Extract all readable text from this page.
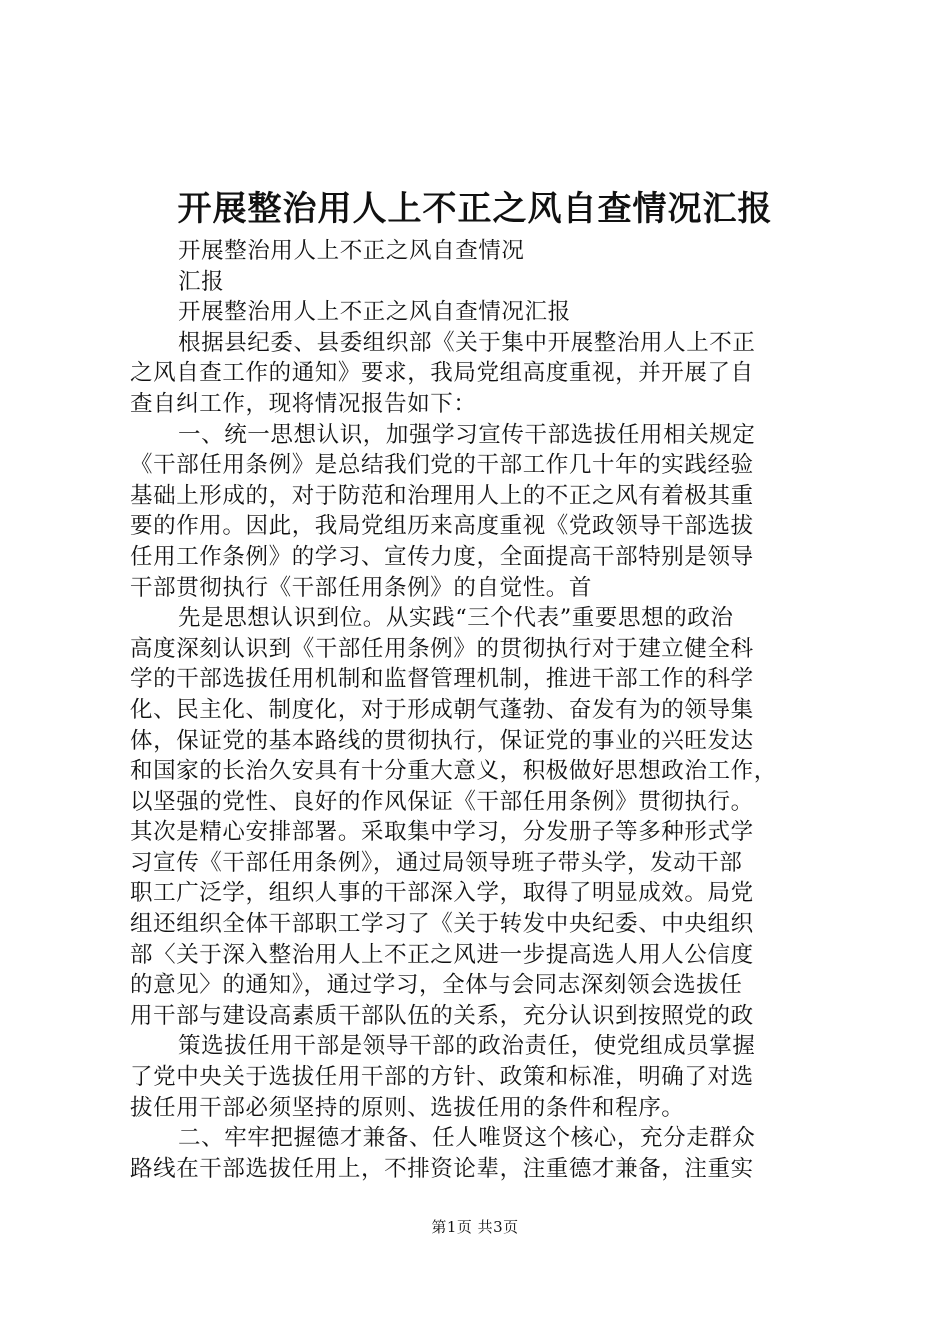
开展整治用人上不正之风自查情况汇报
开展整治用人上不正之风自查情况
汇报
开展整治用人上不正之风自查情况汇报
根据县纪委、县委组织部《关于集中开展整治用人上不正
之风自查工作的通知》要求，我局党组高度重视，并开展了自
查自纠工作，现将情况报告如下：
一、统一思想认识，加强学习宣传干部选拔任用相关规定
《干部任用条例》是总结我们党的干部工作几十年的实践经验
基础上形成的，对于防范和治理用人上的不正之风有着极其重
要的作用。因此，我局党组历来高度重视《党政领导干部选拔
任用工作条例》的学习、宣传力度，全面提高干部特别是领导
干部贯彻执行《干部任用条例》的自觉性。首
先是思想认识到位。从实践“三个代表”重要思想的政治
高度深刻认识到《干部任用条例》的贯彻执行对于建立健全科
学的干部选拔任用机制和监督管理机制，推进干部工作的科学
化、民主化、制度化，对于形成朝气蓬勃、奋发有为的领导集
体，保证党的基本路线的贯彻执行，保证党的事业的兴旺发达
和国家的长治久安具有十分重大意义，积极做好思想政治工作，
以坚强的党性、良好的作风保证《干部任用条例》贯彻执行。
其次是精心安排部署。采取集中学习，分发册子等多种形式学
习宣传《干部任用条例》，通过局领导班子带头学，发动干部
职工广泛学，组织人事的干部深入学，取得了明显成效。局党
组还组织全体干部职工学习了《关于转发中央纪委、中央组织
部〈关于深入整治用人上不正之风进一步提高选人用人公信度
的意见〉的通知》，通过学习，全体与会同志深刻领会选拔任
用干部与建设高素质干部队伍的关系，充分认识到按照党的政
策选拔任用干部是领导干部的政治责任，使党组成员掌握
了党中央关于选拔任用干部的方针、政策和标准，明确了对选
拔任用干部必须坚持的原则、选拔任用的条件和程序。
二、牢牢把握德才兼备、任人唯贤这个核心，充分走群众
路线在干部选拔任用上，不排资论辈，注重德才兼备，注重实
第1页 共3页
